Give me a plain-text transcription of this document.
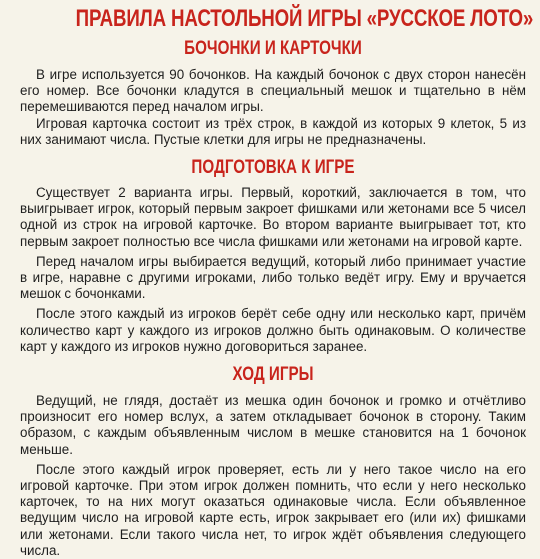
ПРАВИЛА НАСТОЛЬНОЙ ИГРЫ «РУССКОЕ ЛОТО»
БОЧОНКИ И КАРТОЧКИ

В игре используется 90 бочонков. На каждый бочонок с двух сторон нанесён его номер. Все бочонки кладутся в специальный мешок и тщательно в нём перемешиваются перед началом игры.

Игровая карточка состоит из трёх строк, в каждой из которых 9 клеток, 5 из них занимают числа. Пустые клетки для игры не предназначены.

ПОДГОТОВКА К ИГРЕ

Существует 2 варианта игры. Первый, короткий, заключается в том, что выигрывает игрок, который первым закроет фишками или жетонами все 5 чисел одной из строк на игровой карточке. Во втором варианте выигрывает тот, кто первым закроет полностью все числа фишками или жетонами на игровой карте.

Перед началом игры выбирается ведущий, который либо принимает участие в игре, наравне с другими игроками, либо только ведёт игру. Ему и вручается мешок с бочонками.

После этого каждый из игроков берёт себе одну или несколько карт, причём количество карт у каждого из игроков должно быть одинаковым. О количестве карт у каждого из игроков нужно договориться заранее.

ХОД ИГРЫ

Ведущий, не глядя, достаёт из мешка один бочонок и громко и отчётливо произносит его номер вслух, а затем откладывает бочонок в сторону. Таким образом, с каждым объявленным числом в мешке становится на 1 бочонок меньше.

После этого каждый игрок проверяет, есть ли у него такое число на его игровой карточке. При этом игрок должен помнить, что если у него несколько карточек, то на них могут оказаться одинаковые числа. Если объявленное ведущим число на игровой карте есть, игрок закрывает его (или их) фишками или жетонами. Если такого числа нет, то игрок ждёт объявления следующего числа.
